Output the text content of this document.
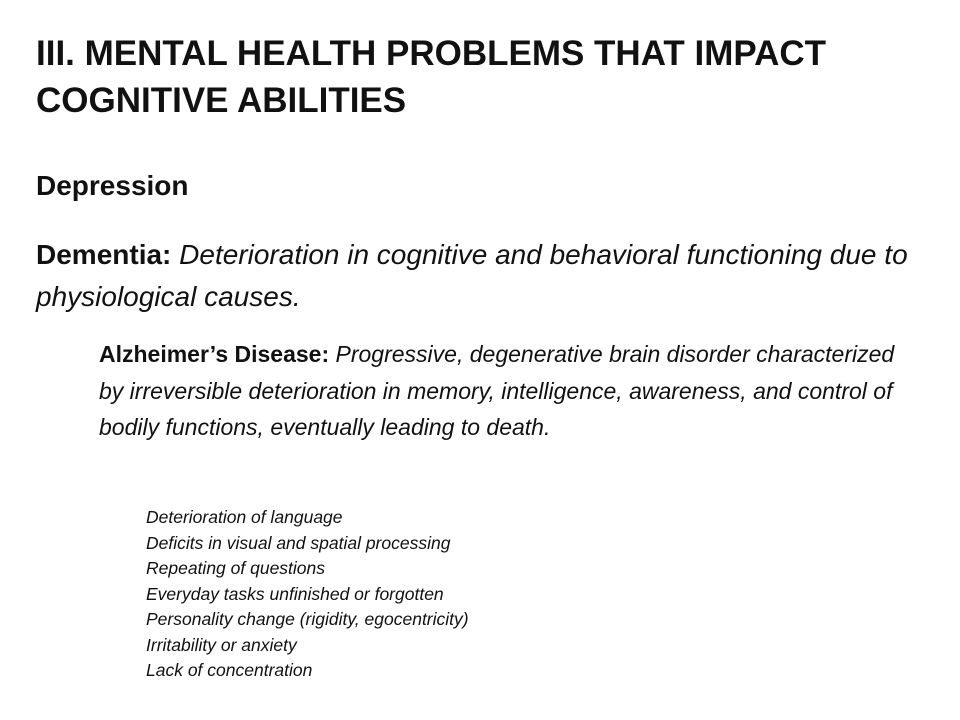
III. MENTAL HEALTH PROBLEMS THAT IMPACT COGNITIVE ABILITIES

Depression

Dementia: Deterioration in cognitive and behavioral functioning due to physiological causes.

Alzheimer’s Disease: Progressive, degenerative brain disorder characterized by irreversible deterioration in memory, intelligence, awareness, and control of bodily functions, eventually leading to death.

Deterioration of language
Deficits in visual and spatial processing
Repeating of questions
Everyday tasks unfinished or forgotten
Personality change (rigidity, egocentricity)
Irritability or anxiety
Lack of concentration
